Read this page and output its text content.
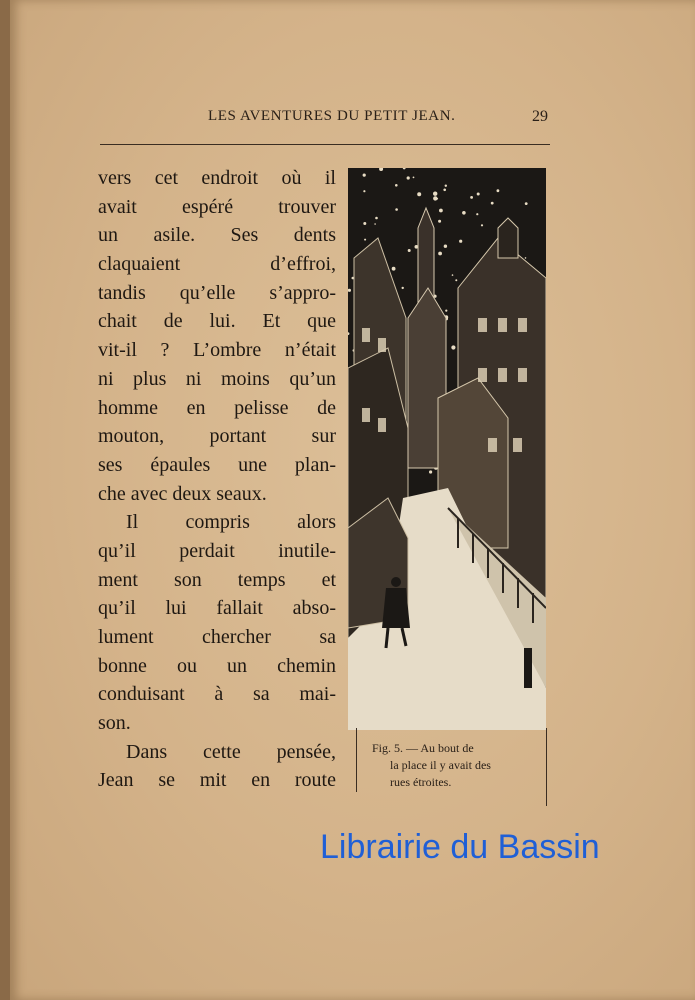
LES AVENTURES DU PETIT JEAN.	29
vers cet endroit où il
avait espéré trouver
un asile. Ses dents
claquaient d’effroi,
tandis qu’elle s’appro-
chait de lui. Et que
vit-il ? L’ombre n’était
ni plus ni moins qu’un
homme en pelisse de
mouton, portant sur
ses épaules une plan-
che avec deux seaux.
Il compris alors
qu’il perdait inutile-
ment son temps et
qu’il lui fallait abso-
lument chercher sa
bonne ou un chemin
conduisant à sa mai-
son.
Dans cette pensée,
Jean se mit en route
Fig. 5. — Au bout de
la place il y avait des
rues étroites.
Librairie du Bassin
